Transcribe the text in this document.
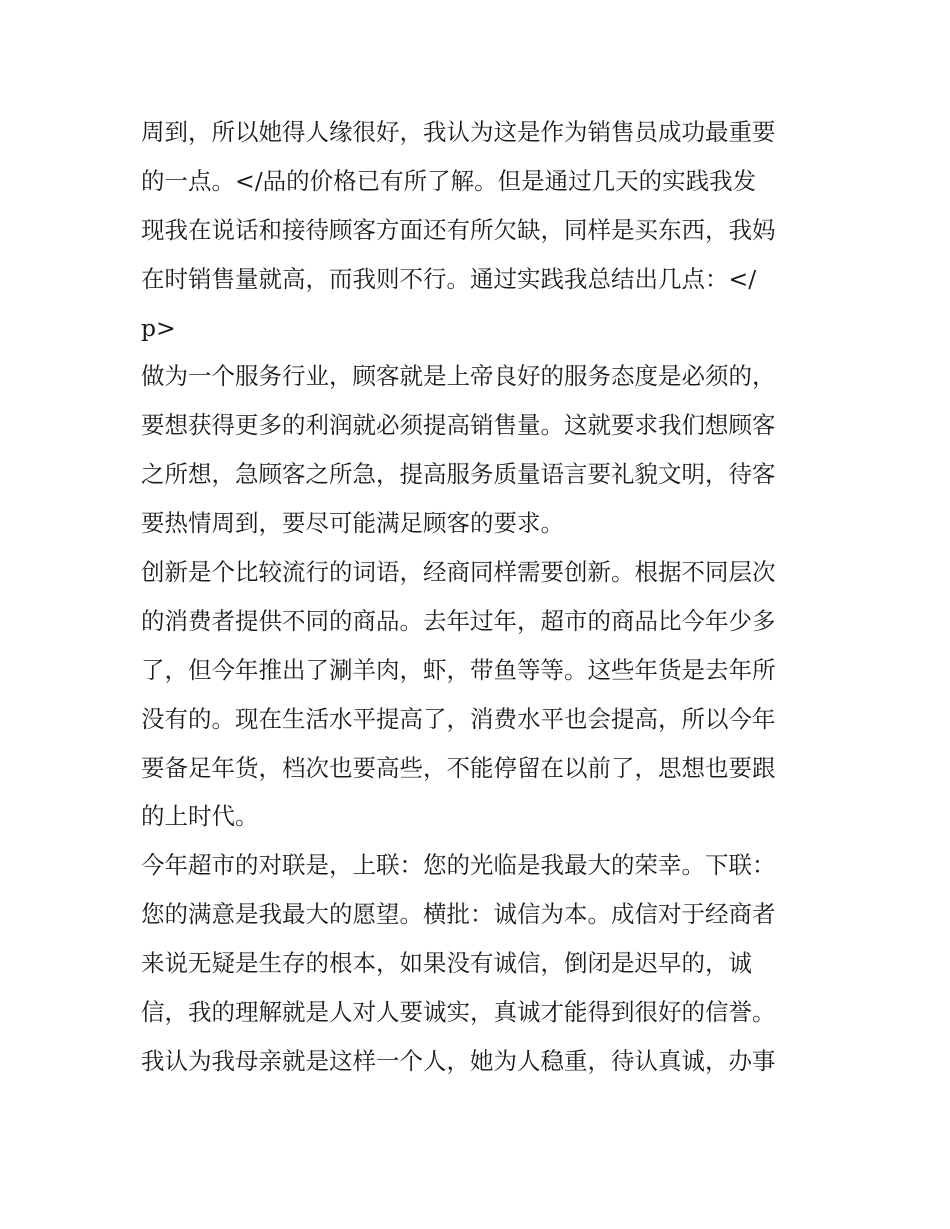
周到，所以她得人缘很好，我认为这是作为销售员成功最重要
的一点。</品的价格已有所了解。但是通过几天的实践我发
现我在说话和接待顾客方面还有所欠缺，同样是买东西，我妈
在时销售量就高，而我则不行。通过实践我总结出几点：</
p>
做为一个服务行业，顾客就是上帝良好的服务态度是必须的，
要想获得更多的利润就必须提高销售量。这就要求我们想顾客
之所想，急顾客之所急，提高服务质量语言要礼貌文明，待客
要热情周到，要尽可能满足顾客的要求。
创新是个比较流行的词语，经商同样需要创新。根据不同层次
的消费者提供不同的商品。去年过年，超市的商品比今年少多
了，但今年推出了涮羊肉，虾，带鱼等等。这些年货是去年所
没有的。现在生活水平提高了，消费水平也会提高，所以今年
要备足年货，档次也要高些，不能停留在以前了，思想也要跟
的上时代。
今年超市的对联是，上联：您的光临是我最大的荣幸。下联：
您的满意是我最大的愿望。横批：诚信为本。成信对于经商者
来说无疑是生存的根本，如果没有诚信，倒闭是迟早的，诚
信，我的理解就是人对人要诚实，真诚才能得到很好的信誉。
我认为我母亲就是这样一个人，她为人稳重，待认真诚，办事
